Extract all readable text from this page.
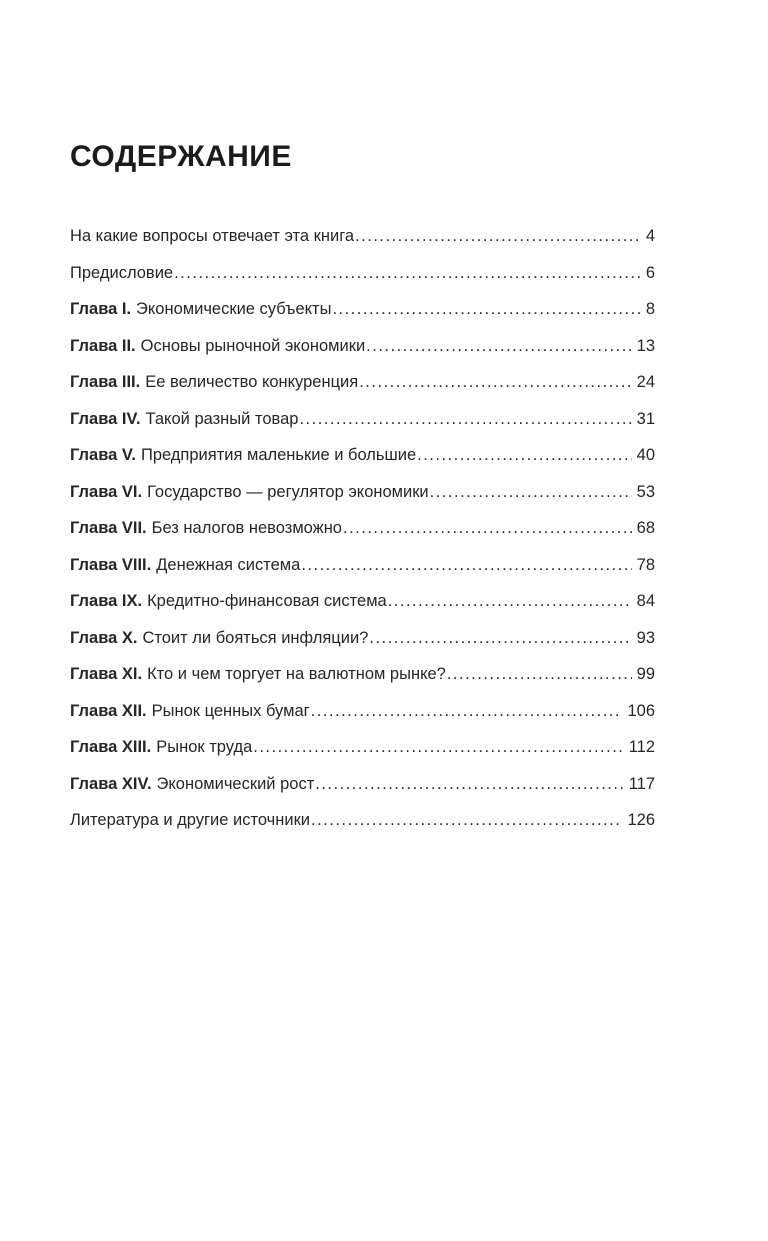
СОДЕРЖАНИЕ
На какие вопросы отвечает эта книга .....	4
Предисловие .....	6
Глава I. Экономические субъекты .....	8
Глава II. Основы рыночной экономики .....	13
Глава III. Ее величество конкуренция .....	24
Глава IV. Такой разный товар .....	31
Глава V. Предприятия маленькие и большие .....	40
Глава VI. Государство — регулятор экономики .....	53
Глава VII. Без налогов невозможно .....	68
Глава VIII. Денежная система .....	78
Глава IX. Кредитно-финансовая система .....	84
Глава X. Стоит ли бояться инфляции? .....	93
Глава XI. Кто и чем торгует на валютном рынке? .....	99
Глава XII. Рынок ценных бумаг .....	106
Глава XIII. Рынок труда .....	112
Глава XIV. Экономический рост .....	117
Литература и другие источники .....	126
